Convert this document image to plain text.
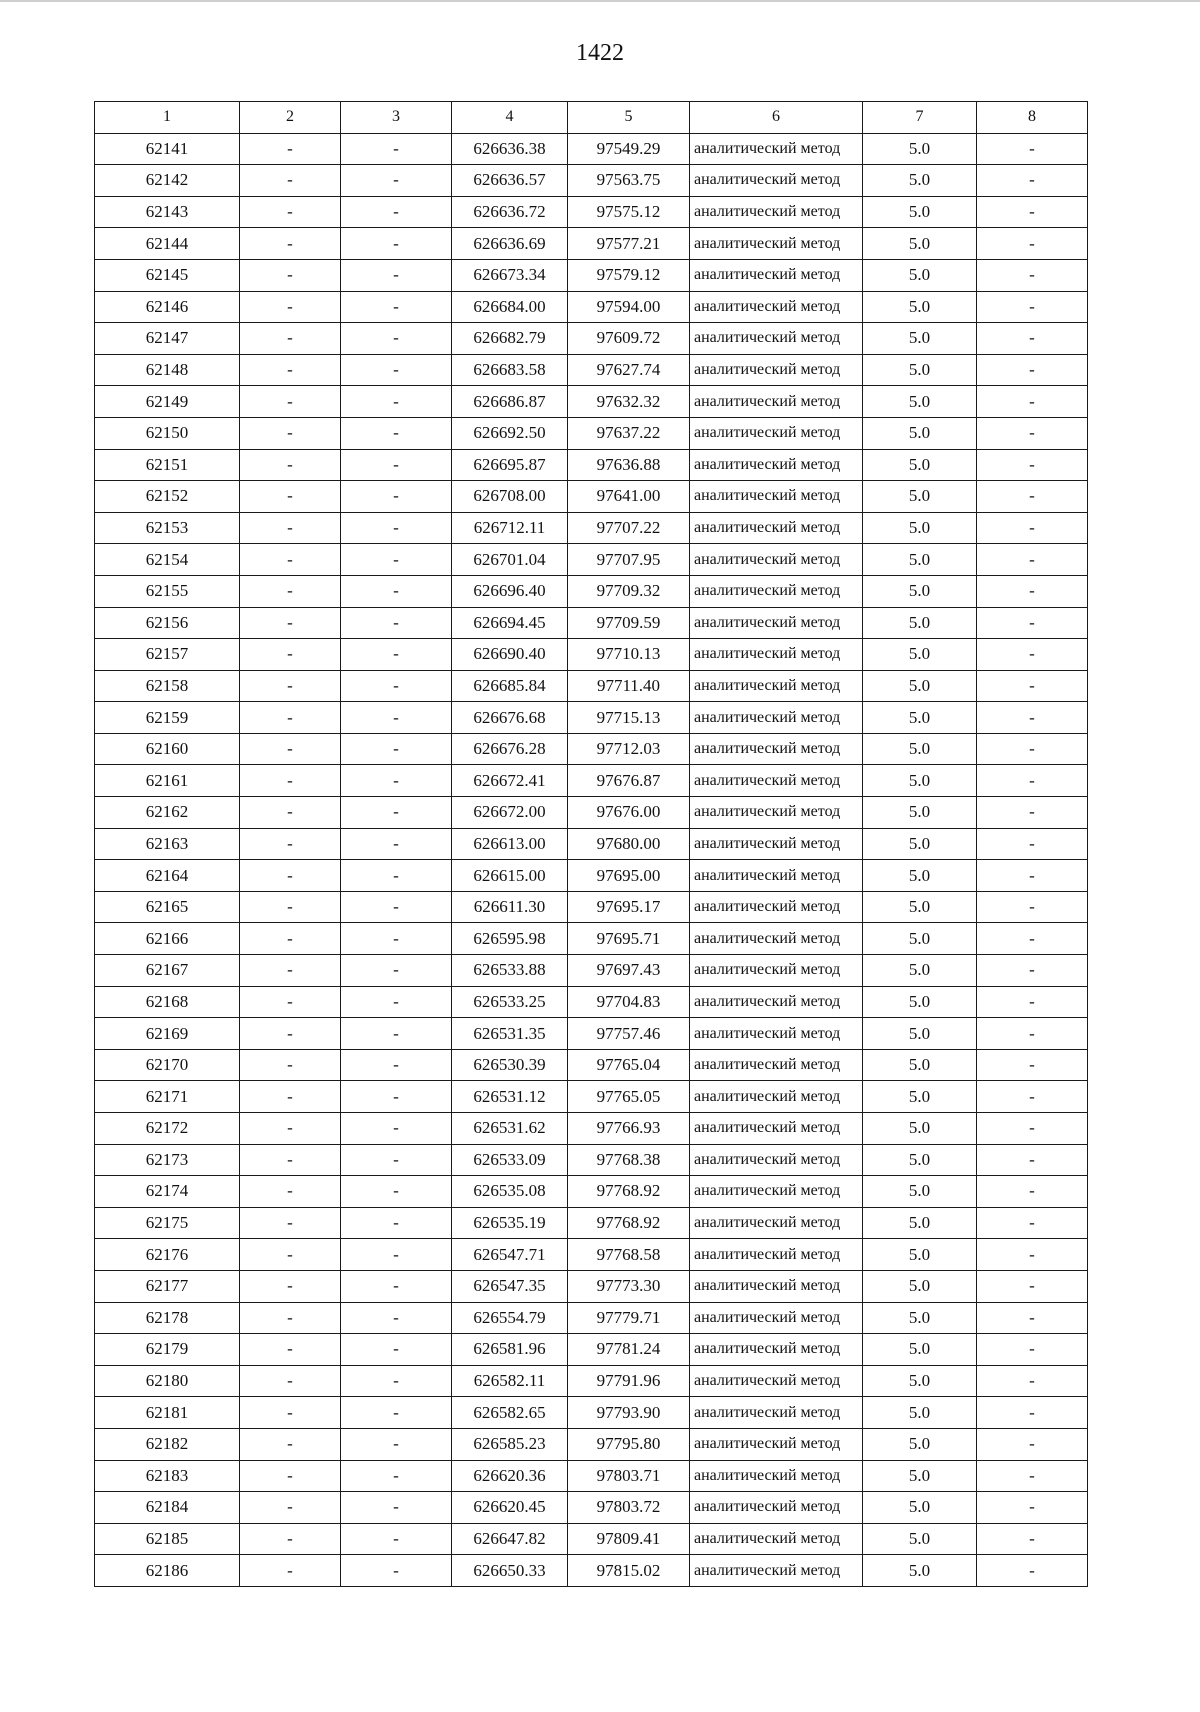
1422
1	2	3	4	5	6	7	8
62141	-	-	626636.38	97549.29	аналитический метод	5.0	-
62142	-	-	626636.57	97563.75	аналитический метод	5.0	-
62143	-	-	626636.72	97575.12	аналитический метод	5.0	-
62144	-	-	626636.69	97577.21	аналитический метод	5.0	-
62145	-	-	626673.34	97579.12	аналитический метод	5.0	-
62146	-	-	626684.00	97594.00	аналитический метод	5.0	-
62147	-	-	626682.79	97609.72	аналитический метод	5.0	-
62148	-	-	626683.58	97627.74	аналитический метод	5.0	-
62149	-	-	626686.87	97632.32	аналитический метод	5.0	-
62150	-	-	626692.50	97637.22	аналитический метод	5.0	-
62151	-	-	626695.87	97636.88	аналитический метод	5.0	-
62152	-	-	626708.00	97641.00	аналитический метод	5.0	-
62153	-	-	626712.11	97707.22	аналитический метод	5.0	-
62154	-	-	626701.04	97707.95	аналитический метод	5.0	-
62155	-	-	626696.40	97709.32	аналитический метод	5.0	-
62156	-	-	626694.45	97709.59	аналитический метод	5.0	-
62157	-	-	626690.40	97710.13	аналитический метод	5.0	-
62158	-	-	626685.84	97711.40	аналитический метод	5.0	-
62159	-	-	626676.68	97715.13	аналитический метод	5.0	-
62160	-	-	626676.28	97712.03	аналитический метод	5.0	-
62161	-	-	626672.41	97676.87	аналитический метод	5.0	-
62162	-	-	626672.00	97676.00	аналитический метод	5.0	-
62163	-	-	626613.00	97680.00	аналитический метод	5.0	-
62164	-	-	626615.00	97695.00	аналитический метод	5.0	-
62165	-	-	626611.30	97695.17	аналитический метод	5.0	-
62166	-	-	626595.98	97695.71	аналитический метод	5.0	-
62167	-	-	626533.88	97697.43	аналитический метод	5.0	-
62168	-	-	626533.25	97704.83	аналитический метод	5.0	-
62169	-	-	626531.35	97757.46	аналитический метод	5.0	-
62170	-	-	626530.39	97765.04	аналитический метод	5.0	-
62171	-	-	626531.12	97765.05	аналитический метод	5.0	-
62172	-	-	626531.62	97766.93	аналитический метод	5.0	-
62173	-	-	626533.09	97768.38	аналитический метод	5.0	-
62174	-	-	626535.08	97768.92	аналитический метод	5.0	-
62175	-	-	626535.19	97768.92	аналитический метод	5.0	-
62176	-	-	626547.71	97768.58	аналитический метод	5.0	-
62177	-	-	626547.35	97773.30	аналитический метод	5.0	-
62178	-	-	626554.79	97779.71	аналитический метод	5.0	-
62179	-	-	626581.96	97781.24	аналитический метод	5.0	-
62180	-	-	626582.11	97791.96	аналитический метод	5.0	-
62181	-	-	626582.65	97793.90	аналитический метод	5.0	-
62182	-	-	626585.23	97795.80	аналитический метод	5.0	-
62183	-	-	626620.36	97803.71	аналитический метод	5.0	-
62184	-	-	626620.45	97803.72	аналитический метод	5.0	-
62185	-	-	626647.82	97809.41	аналитический метод	5.0	-
62186	-	-	626650.33	97815.02	аналитический метод	5.0	-
